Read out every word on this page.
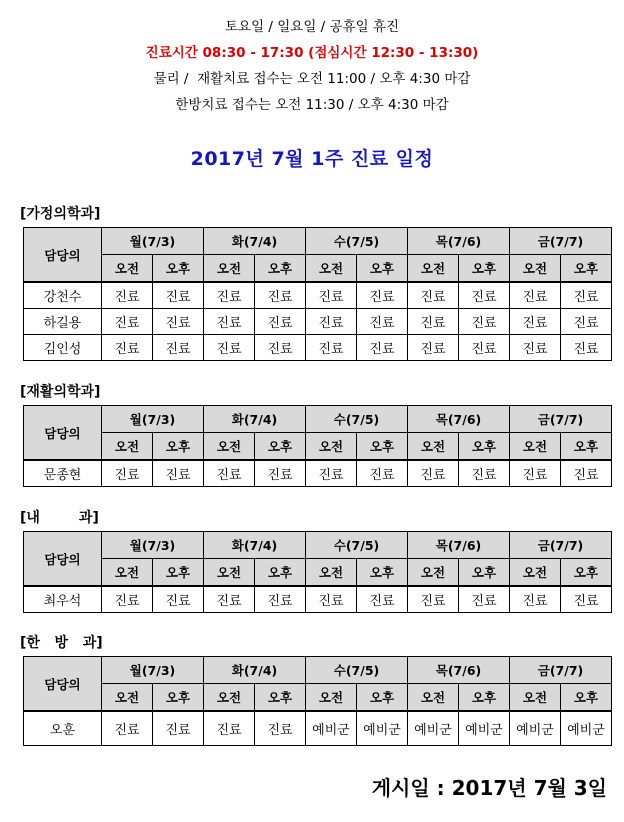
토요일 / 일요일 / 공휴일 휴진
진료시간 08:30 - 17:30 (점심시간 12:30 - 13:30)
물리 /  재활치료 접수는 오전 11:00 / 오후 4:30 마감
한방치료 접수는 오전 11:30 / 오후 4:30 마감
2017년 7월 1주 진료 일정
[가정의학과]
담당의	월(7/3)		화(7/4)		수(7/5)		목(7/6)		금(7/7)	
	오전	오후	오전	오후	오전	오후	오전	오후	오전	오후
강천수	진료	진료	진료	진료	진료	진료	진료	진료	진료	진료
하길용	진료	진료	진료	진료	진료	진료	진료	진료	진료	진료
김인성	진료	진료	진료	진료	진료	진료	진료	진료	진료	진료
[재활의학과]
담당의	월(7/3)		화(7/4)		수(7/5)		목(7/6)		금(7/7)	
	오전	오후	오전	오후	오전	오후	오전	오후	오전	오후
문종현	진료	진료	진료	진료	진료	진료	진료	진료	진료	진료
[내        과]
담당의	월(7/3)		화(7/4)		수(7/5)		목(7/6)		금(7/7)	
	오전	오후	오전	오후	오전	오후	오전	오후	오전	오후
최우석	진료	진료	진료	진료	진료	진료	진료	진료	진료	진료
[한   방   과]
담당의	월(7/3)		화(7/4)		수(7/5)		목(7/6)		금(7/7)	
	오전	오후	오전	오후	오전	오후	오전	오후	오전	오후
오훈	진료	진료	진료	진료	예비군	예비군	예비군	예비군	예비군	예비군
게시일 : 2017년 7월 3일
